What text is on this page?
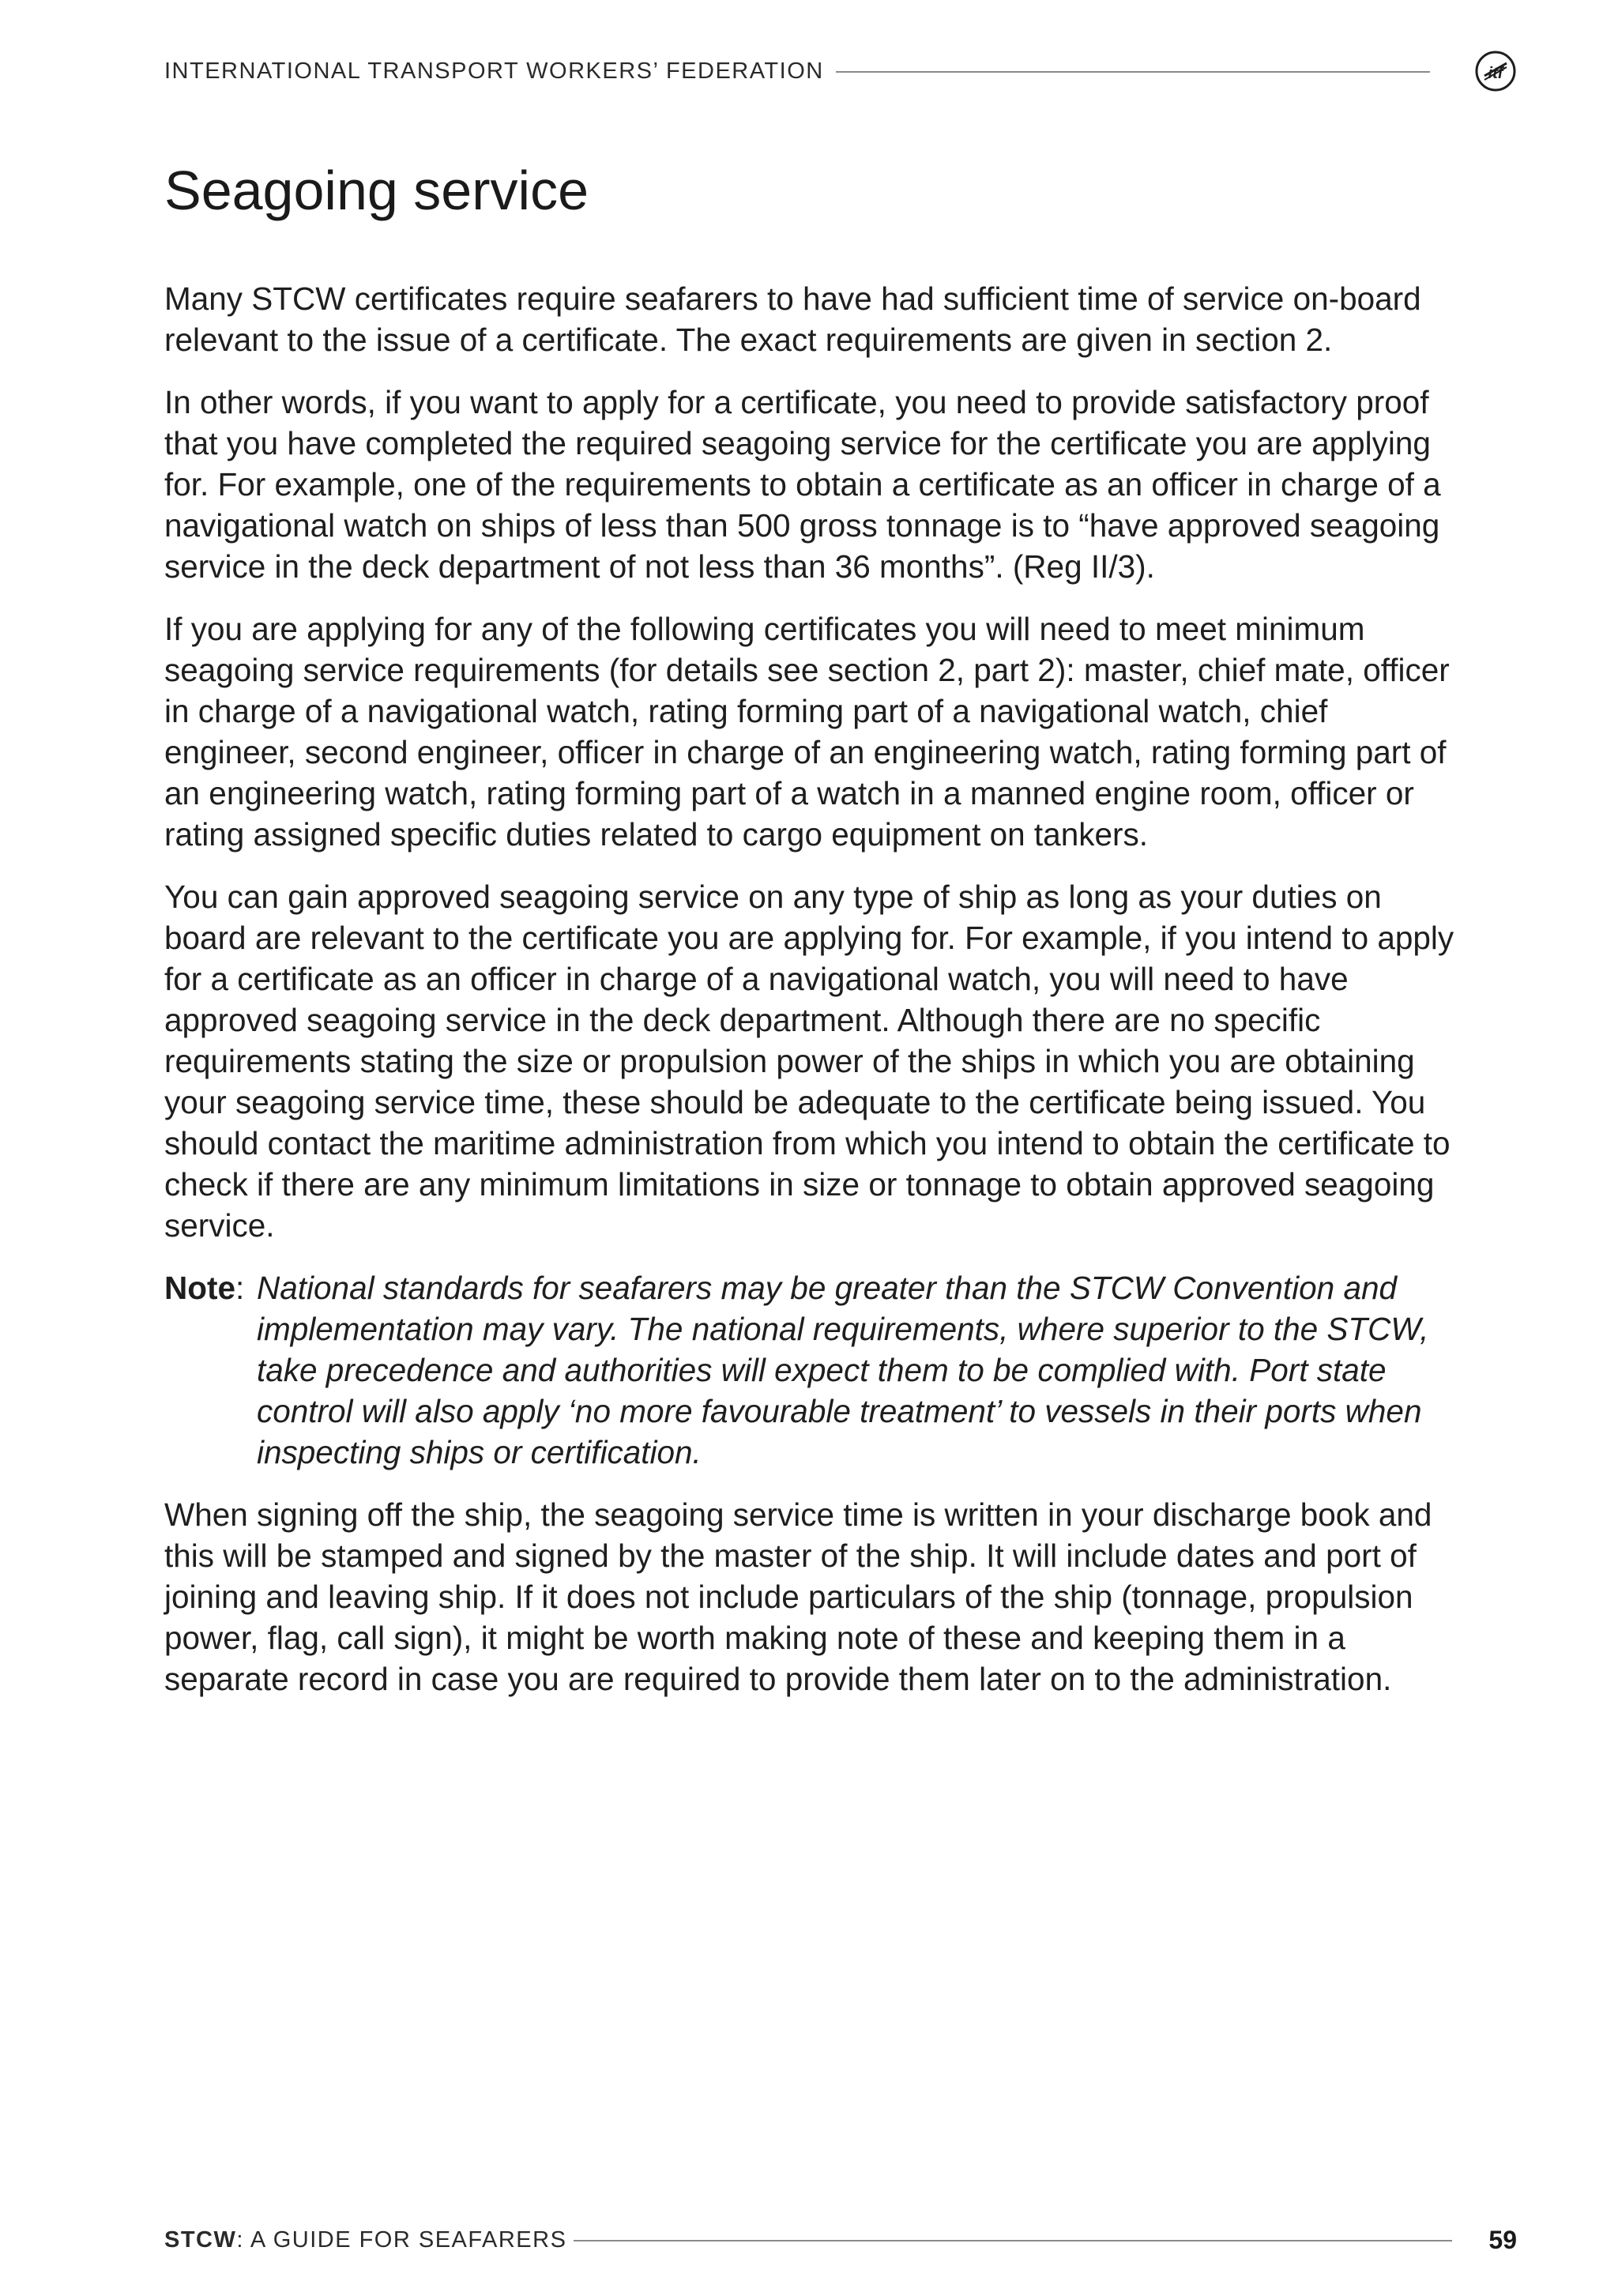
INTERNATIONAL TRANSPORT WORKERS’ FEDERATION	itf
Seagoing service

Many STCW certificates require seafarers to have had sufficient time of service on-board relevant to the issue of a certificate. The exact requirements are given in section 2.

In other words, if you want to apply for a certificate, you need to provide satisfactory proof that you have completed the required seagoing service for the certificate you are applying for. For example, one of the requirements to obtain a certificate as an officer in charge of a navigational watch on ships of less than 500 gross tonnage is to “have approved seagoing service in the deck department of not less than 36 months”. (Reg II/3).

If you are applying for any of the following certificates you will need to meet minimum seagoing service requirements (for details see section 2, part 2): master, chief mate, officer in charge of a navigational watch, rating forming part of a navigational watch, chief engineer, second engineer, officer in charge of an engineering watch, rating forming part of an engineering watch, rating forming part of a watch in a manned engine room, officer or rating assigned specific duties related to cargo equipment on tankers.

You can gain approved seagoing service on any type of ship as long as your duties on board are relevant to the certificate you are applying for. For example, if you intend to apply for a certificate as an officer in charge of a navigational watch, you will need to have approved seagoing service in the deck department. Although there are no specific requirements stating the size or propulsion power of the ships in which you are obtaining your seagoing service time, these should be adequate to the certificate being issued. You should contact the maritime administration from which you intend to obtain the certificate to check if there are any minimum limitations in size or tonnage to obtain approved seagoing service.

Note: National standards for seafarers may be greater than the STCW Convention and implementation may vary. The national requirements, where superior to the STCW, take precedence and authorities will expect them to be complied with. Port state control will also apply ‘no more favourable treatment’ to vessels in their ports when inspecting ships or certification.

When signing off the ship, the seagoing service time is written in your discharge book and this will be stamped and signed by the master of the ship. It will include dates and port of joining and leaving ship. If it does not include particulars of the ship (tonnage, propulsion power, flag, call sign), it might be worth making note of these and keeping them in a separate record in case you are required to provide them later on to the administration.

STCW: A GUIDE FOR SEAFARERS	59
